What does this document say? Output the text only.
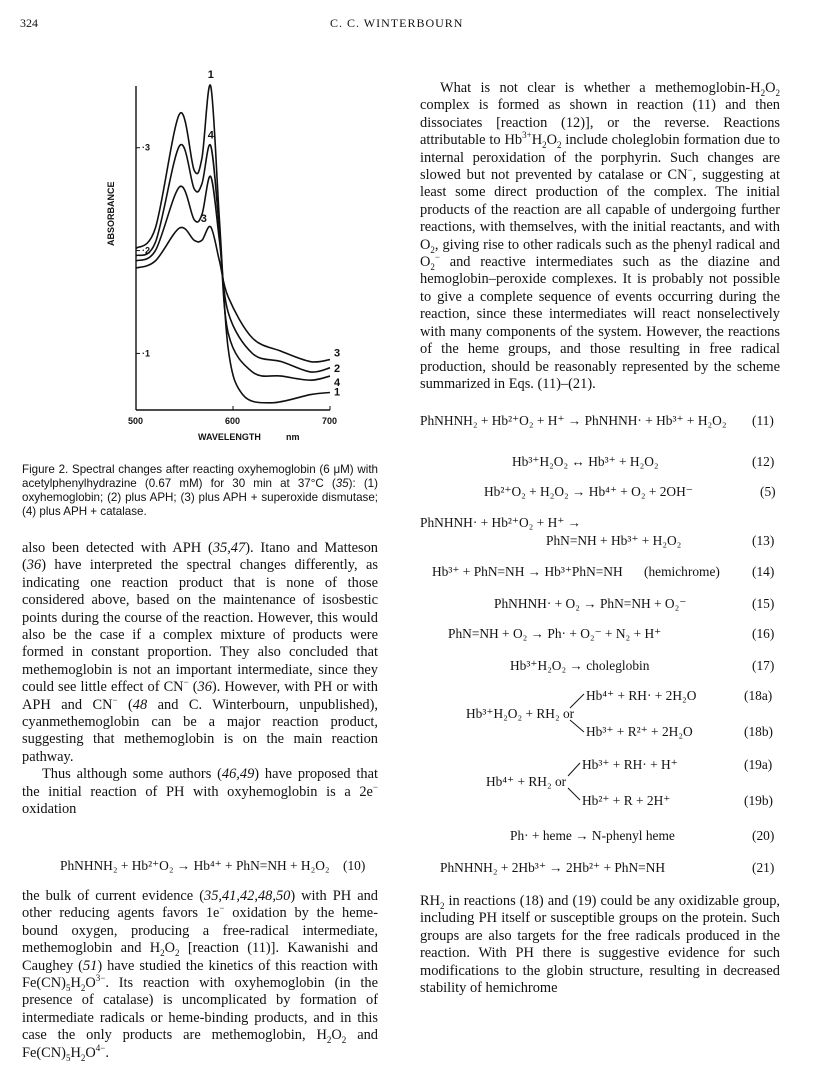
324	C. C. WINTERBOURN
500	600	700
·1
·2
·3
1
1
2
3
3
4
4
ABSORBANCE
WAVELENGTH	nm
Figure 2. Spectral changes after reacting oxyhemoglobin (6 μM) with acetylphenylhydrazine (0.67 mM) for 30 min at 37°C (35): (1) oxyhemoglobin; (2) plus APH; (3) plus APH + superoxide dismutase; (4) plus APH + catalase.

also been detected with APH (35,47). Itano and Matteson (36) have interpreted the spectral changes differently, as indicating one reaction product that is none of those considered above, based on the maintenance of isosbestic points during the course of the reaction. However, this would also be the case if a complex mixture of products were formed in constant proportion. They also concluded that methemoglobin is not an important intermediate, since they could see little effect of CN− (36). However, with PH or with APH and CN− (48 and C. Winterbourn, unpublished), cyanmethemoglobin can be a major reaction product, suggesting that methemoglobin is on the main reaction pathway.

Thus although some authors (46,49) have proposed that the initial reaction of PH with oxyhemoglobin is a 2e− oxidation

PhNHNH₂ + Hb²⁺O₂ → Hb⁴⁺ + PhN=NH + H₂O₂ (10)

the bulk of current evidence (35,41,42,48,50) with PH and other reducing agents favors 1e− oxidation by the heme-bound oxygen, producing a free-radical intermediate, methemoglobin and $H_2O_2$ [reaction (11)]. Kawanishi and Caughey (51) have studied the kinetics of this reaction with $Fe(CN)_5H_2O^{3-}$. Its reaction with oxyhemoglobin (in the presence of catalase) is uncomplicated by formation of intermediate radicals or heme-binding products, and in this case the only products are methemoglobin, $H_2O_2$ and $Fe(CN)_5H_2O^{4-}$.

What is not clear is whether a methemoglobin-$H_2O_2$ complex is formed as shown in reaction (11) and then dissociates [reaction (12)], or the reverse. Reactions attributable to $Hb^{3+}H_2O_2$ include choleglobin formation due to internal peroxidation of the porphyrin. Such changes are slowed but not prevented by catalase or CN−, suggesting at least some direct production of the complex. The initial products of the reaction are all capable of undergoing further reactions, with themselves, with the initial reactants, and with $O_2$, giving rise to other radicals such as the phenyl radical and $O_2^-$ and reactive intermediates such as the diazine and hemoglobin–peroxide complexes. It is probably not possible to give a complete sequence of events occurring during the reaction, since these intermediates will react nonselectively with many components of the system. However, the reactions of the heme groups, and those resulting in free radical production, should be reasonably represented by the scheme summarized in Eqs. (11)–(21).

PhNHNH₂ + Hb²⁺O₂ + H⁺ → PhNHNH· + Hb³⁺ + H₂O₂ (11)
Hb³⁺H₂O₂ ↔ Hb³⁺ + H₂O₂	(12)
Hb²⁺O₂ + H₂O₂ → Hb⁴⁺ + O₂ + 2OH⁻	(5)
PhNHNH· + Hb²⁺O₂ + H⁺ →
PhN=NH + Hb³⁺ + H₂O₂	(13)
Hb³⁺ + PhN=NH → Hb³⁺PhN=NH (hemichrome) (14)
PhNHNH· + O₂ → PhN=NH + O₂⁻	(15)
PhN=NH + O₂ → Ph· + O₂⁻ + N₂ + H⁺	(16)
Hb³⁺H₂O₂ → choleglobin	(17)
Hb³⁺H₂O₂ + RH₂ or
Hb⁴⁺ + RH· + 2H₂O	(18a)
Hb³⁺ + R²⁺ + 2H₂O	(18b)
Hb⁴⁺ + RH₂ or
Hb³⁺ + RH· + H⁺	(19a)
Hb²⁺ + R + 2H⁺	(19b)
Ph· + heme → N-phenyl heme	(20)
PhNHNH₂ + 2Hb³⁺ → 2Hb²⁺ + PhN=NH	(21)

$RH_2$ in reactions (18) and (19) could be any oxidizable group, including PH itself or susceptible groups on the protein. Such groups are also targets for the free radicals produced in the reaction. With PH there is suggestive evidence for such modifications to the globin structure, resulting in decreased stability of hemichrome
